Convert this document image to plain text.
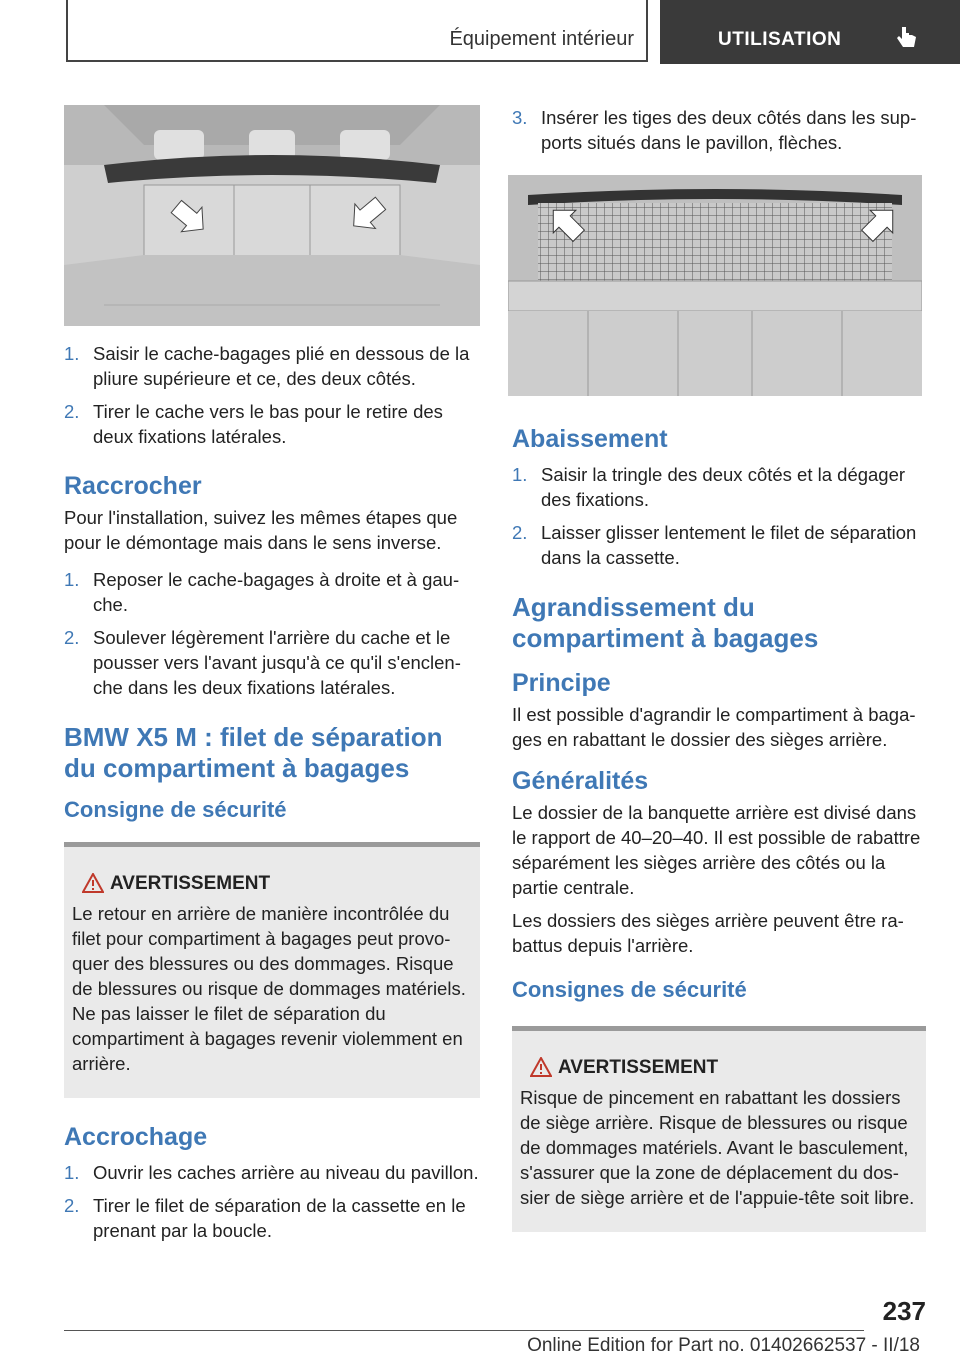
Équipement intérieur	UTILISATION
1. Saisir le cache-bagages plié en dessous de la pliure supérieure et ce, des deux côtés.
2. Tirer le cache vers le bas pour le retire des deux fixations latérales.
Raccrocher
Pour l'installation, suivez les mêmes étapes que pour le démontage mais dans le sens inverse.
1. Reposer le cache-bagages à droite et à gauche.
2. Soulever légèrement l'arrière du cache et le pousser vers l'avant jusqu'à ce qu'il s'enclenche dans les deux fixations latérales.
BMW X5 M : filet de séparation du compartiment à bagages
Consigne de sécurité
AVERTISSEMENT
Le retour en arrière de manière incontrôlée du filet pour compartiment à bagages peut provoquer des blessures ou des dommages. Risque de blessures ou risque de dommages matériels. Ne pas laisser le filet de séparation du compartiment à bagages revenir violemment en arrière.
Accrochage
1. Ouvrir les caches arrière au niveau du pavillon.
2. Tirer le filet de séparation de la cassette en le prenant par la boucle.
3. Insérer les tiges des deux côtés dans les supports situés dans le pavillon, flèches.
Abaissement
1. Saisir la tringle des deux côtés et la dégager des fixations.
2. Laisser glisser lentement le filet de séparation dans la cassette.
Agrandissement du compartiment à bagages
Principe
Il est possible d'agrandir le compartiment à bagages en rabattant le dossier des sièges arrière.
Généralités
Le dossier de la banquette arrière est divisé dans le rapport de 40–20–40. Il est possible de rabattre séparément les sièges arrière des côtés ou la partie centrale.
Les dossiers des sièges arrière peuvent être rabattus depuis l'arrière.
Consignes de sécurité
AVERTISSEMENT
Risque de pincement en rabattant les dossiers de siège arrière. Risque de blessures ou risque de dommages matériels. Avant le basculement, s'assurer que la zone de déplacement du dossier de siège arrière et de l'appuie-tête soit libre.
237
Online Edition for Part no. 01402662537 - II/18
